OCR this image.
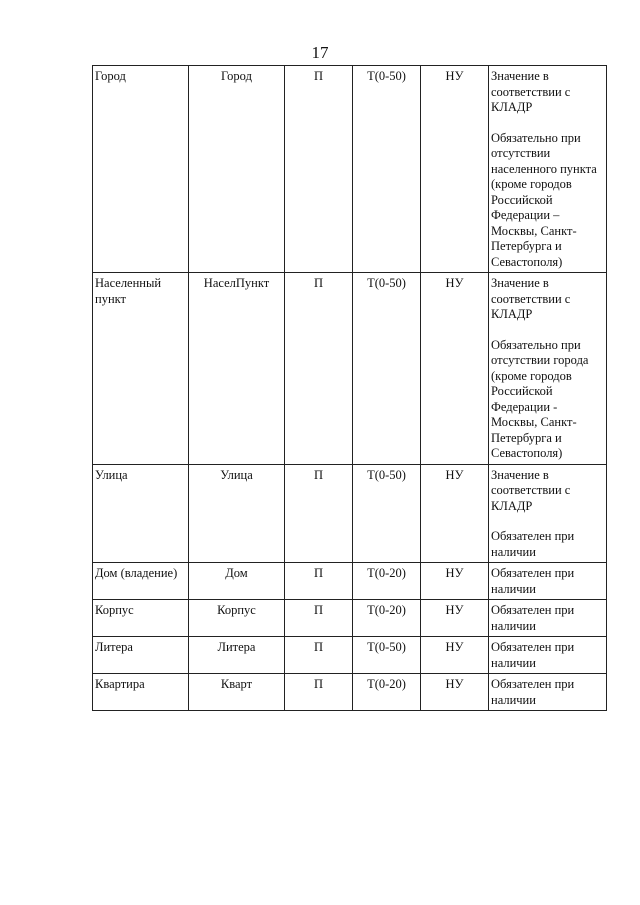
17
Город	Город	П	Т(0-50)	НУ	Значение в соответствии с КЛАДР
Обязательно при отсутствии населенного пункта (кроме городов Российской Федерации – Москвы, Санкт-Петербурга и Севастополя)

Населенный пункт	НаселПункт	П	Т(0-50)	НУ	Значение в соответствии с КЛАДР
Обязательно при отсутствии города (кроме городов Российской Федерации - Москвы, Санкт-Петербурга и Севастополя)

Улица	Улица	П	Т(0-50)	НУ	Значение в соответствии с КЛАДР
Обязателен при наличии

Дом (владение)	Дом	П	Т(0-20)	НУ	Обязателен при наличии
Корпус	Корпус	П	Т(0-20)	НУ	Обязателен при наличии
Литера	Литера	П	Т(0-50)	НУ	Обязателен при наличии
Квартира	Кварт	П	Т(0-20)	НУ	Обязателен при наличии
